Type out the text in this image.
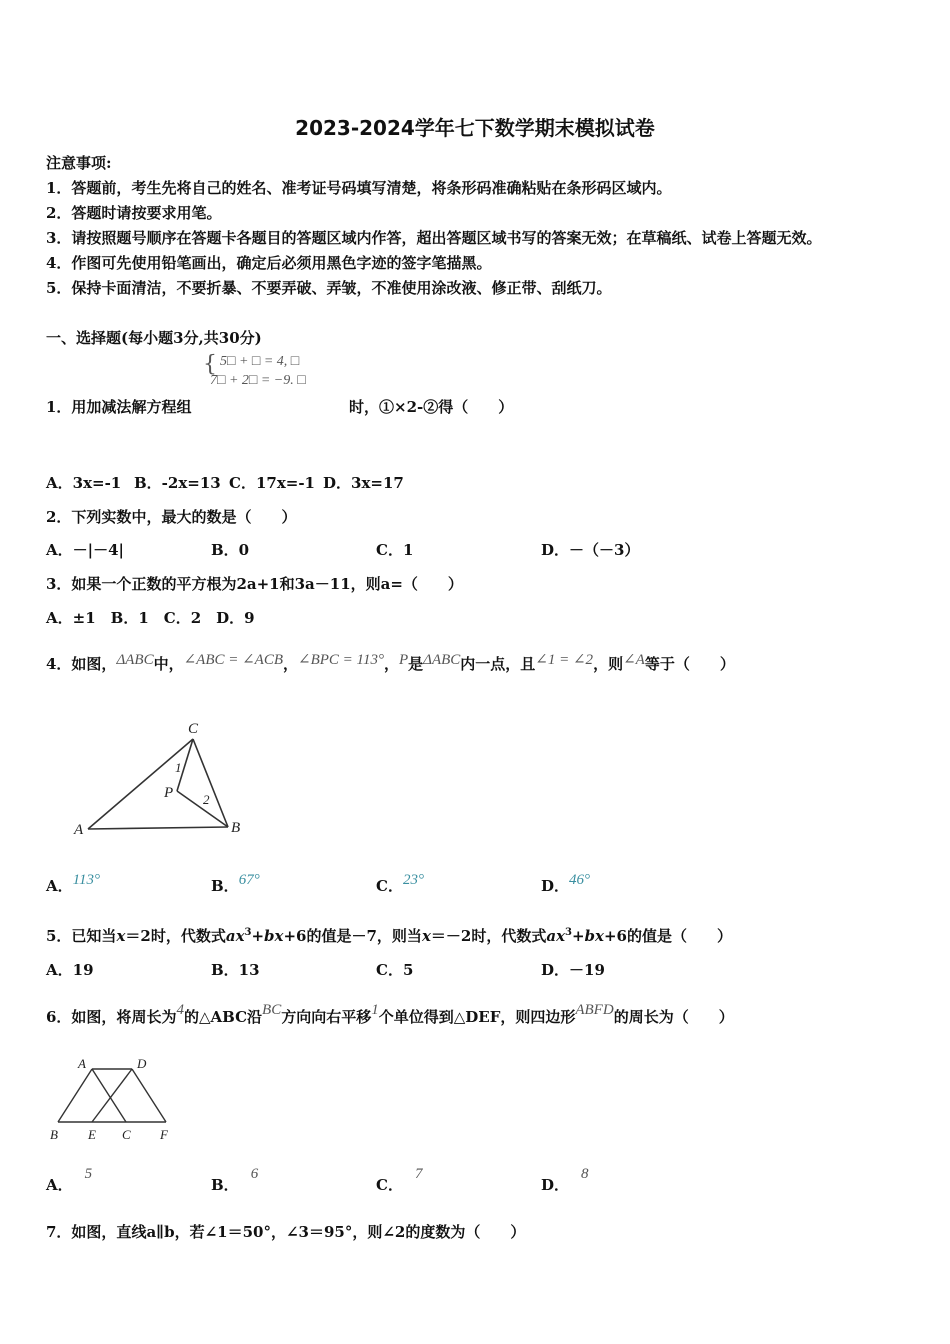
2023-2024学年七下数学期末模拟试卷
注意事项:
1．答题前，考生先将自己的姓名、准考证号码填写清楚，将条形码准确粘贴在条形码区域内。
2．答题时请按要求用笔。
3．请按照题号顺序在答题卡各题目的答题区域内作答，超出答题区域书写的答案无效；在草稿纸、试卷上答题无效。
4．作图可先使用铅笔画出，确定后必须用黑色字迹的签字笔描黑。
5．保持卡面清洁，不要折暴、不要弄破、弄皱，不准使用涂改液、修正带、刮纸刀。
一、选择题(每小题3分,共30分)
{ 5□ + □ = 4, □
7□ + 2□ = −9. □
1．用加减法解方程组	时，①×2-②得（　　）
A．3x=-1 B．-2x=13 C．17x=-1 D．3x=17
2．下列实数中，最大的数是（　　）
A．－|－4|	B．0	C．1	D．－（－3）
3．如果一个正数的平方根为2a+1和3a－11，则a=（　　）
A．±1　B．1　C．2　D．9
4．如图，ΔABC中，∠ABC = ∠ACB，∠BPC = 113°，P是ΔABC内一点，且∠1 = ∠2，则∠A等于（　　）
A	B
C
P
1
2
A．113°	B．67°	C．23°	D．46°
5．已知当x＝2时，代数式$ax^3+bx+6$的值是－7，则当x＝－2时，代数式$ax^3+bx+6$的值是（　　）
A．19	B．13	C．5	D．－19
6．如图，将周长为4的△ABC沿BC方向向右平移1个单位得到△DEF，则四边形ABFD的周长为（　　）
A	D
B E C F
A．5
B．6
C．7
D．8
7．如图，直线a∥b，若∠1＝50°，∠3＝95°，则∠2的度数为（　　）
